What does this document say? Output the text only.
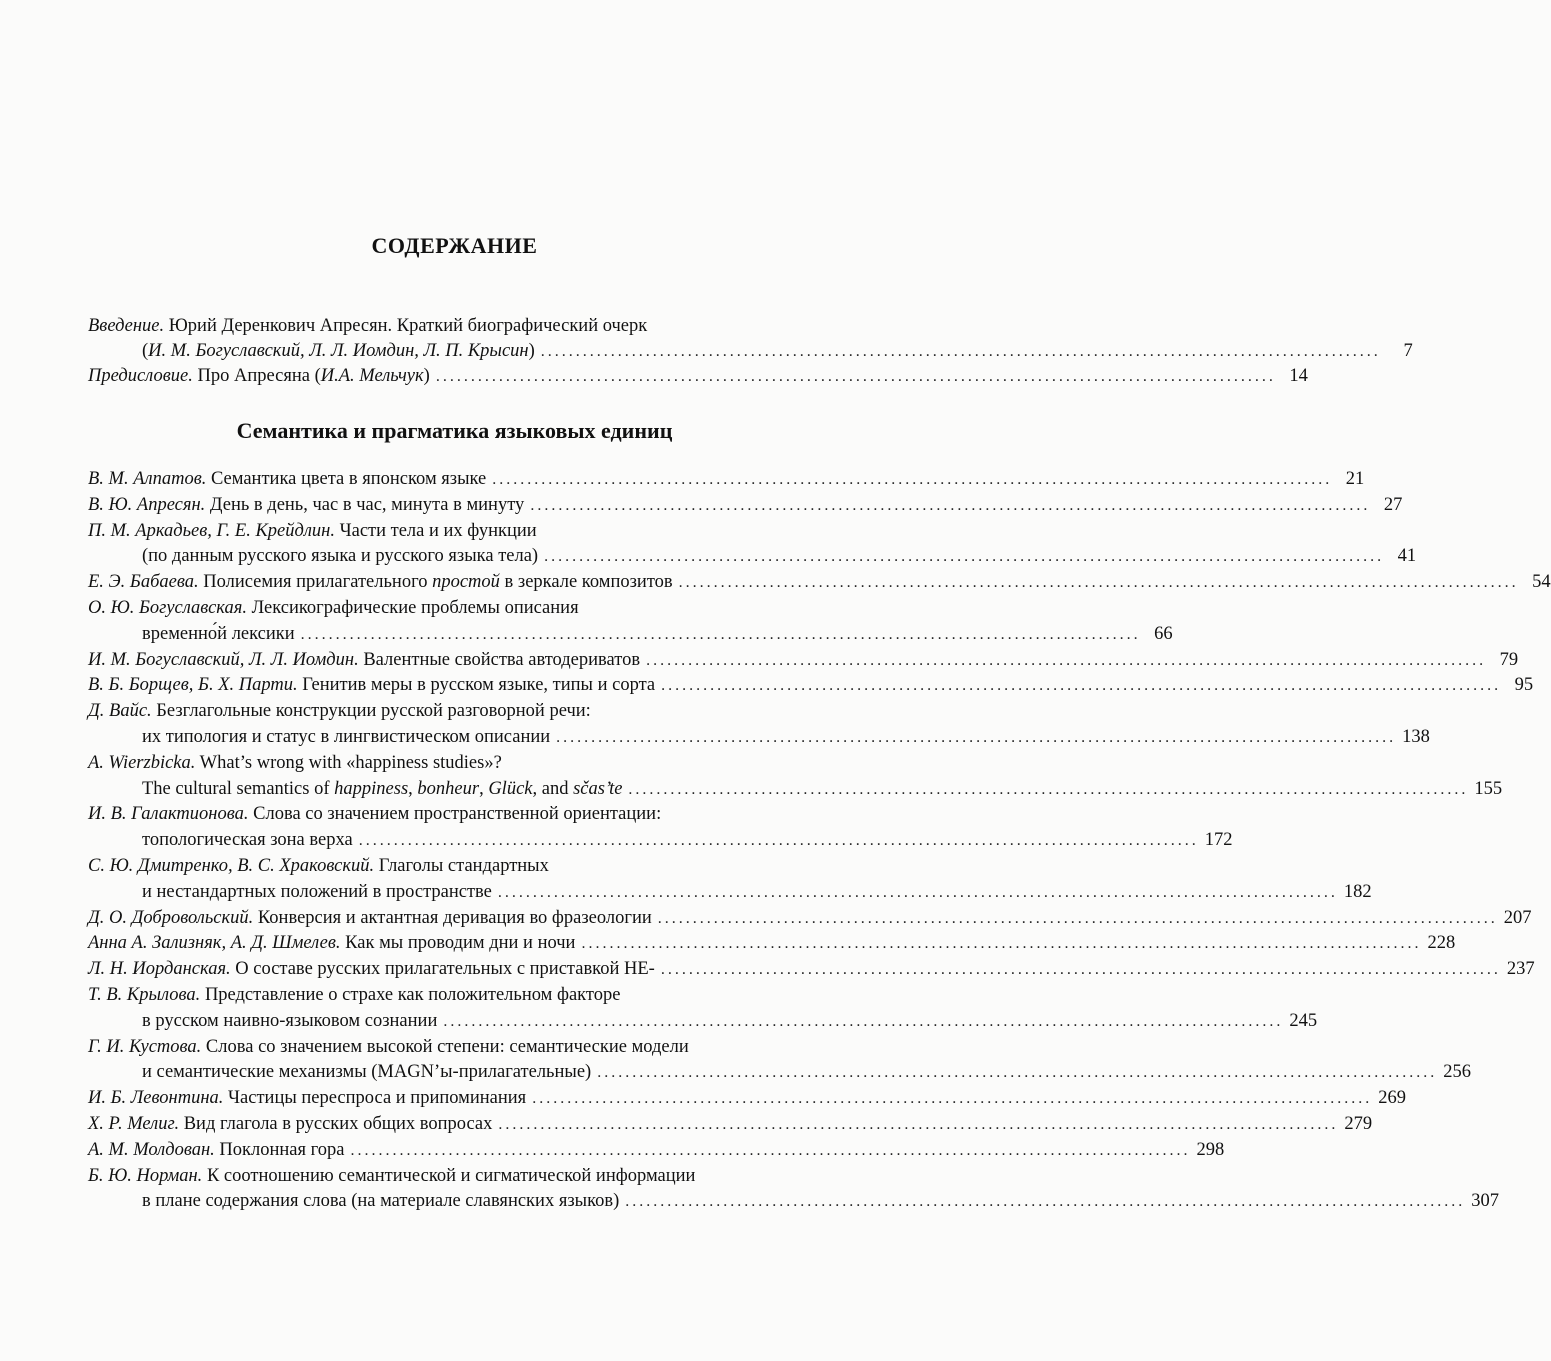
СОДЕРЖАНИЕ
Семантика и прагматика языковых единиц
Введение. Юрий Деренкович Апресян. Краткий биографический очерк
(И. М. Богуславский, Л. Л. Иомдин, Л. П. Крысин) ........................................................................................................................	7
Предисловие. Про Апресяна (И.А. Мельчук) ........................................................................................................................ 14
В. М. Алпатов. Семантика цвета в японском языке ........................................................................................................................ 21
В. Ю. Апресян. День в день, час в час, минута в минуту ........................................................................................................................ 27
П. М. Аркадьев, Г. Е. Крейдлин. Части тела и их функции
(по данным русского языка и русского языка тела) ........................................................................................................................ 41
Е. Э. Бабаева. Полисемия прилагательного простой в зеркале композитов ........................................................................................................................ 54
О. Ю. Богуславская. Лексикографические проблемы описания
временно́й лексики ........................................................................................................................ 66
И. М. Богуславский, Л. Л. Иомдин. Валентные свойства автодериватов ........................................................................................................................ 79
В. Б. Борщев, Б. Х. Парти. Генитив меры в русском языке, типы и сорта ........................................................................................................................ 95
Д. Вайс. Безглагольные конструкции русской разговорной речи:
их типология и статус в лингвистическом описании ........................................................................................................................ 138
A. Wierzbicka. What’s wrong with «happiness studies»?
The cultural semantics of happiness, bonheur, Glück, and sčas’te ........................................................................................................................ 155
И. В. Галактионова. Слова со значением пространственной ориентации:
топологическая зона верха ........................................................................................................................ 172
С. Ю. Дмитренко, В. С. Храковский. Глаголы стандартных
и нестандартных положений в пространстве ........................................................................................................................ 182
Д. О. Добровольский. Конверсия и актантная деривация во фразеологии ........................................................................................................................ 207
Анна А. Зализняк, А. Д. Шмелев. Как мы проводим дни и ночи ........................................................................................................................ 228
Л. Н. Иорданская. О составе русских прилагательных с приставкой НЕ- ........................................................................................................................ 237
Т. В. Крылова. Представление о страхе как положительном факторе
в русском наивно-языковом сознании ........................................................................................................................ 245
Г. И. Кустова. Слова со значением высокой степени: семантические модели
и семантические механизмы (MAGN’ы-прилагательные) ........................................................................................................................ 256
И. Б. Левонтина. Частицы переспроса и припоминания ........................................................................................................................ 269
Х. Р. Мелиг. Вид глагола в русских общих вопросах ........................................................................................................................ 279
А. М. Молдован. Поклонная гора ........................................................................................................................ 298
Б. Ю. Норман. К соотношению семантической и сигматической информации
в плане содержания слова (на материале славянских языков) ........................................................................................................................ 307
